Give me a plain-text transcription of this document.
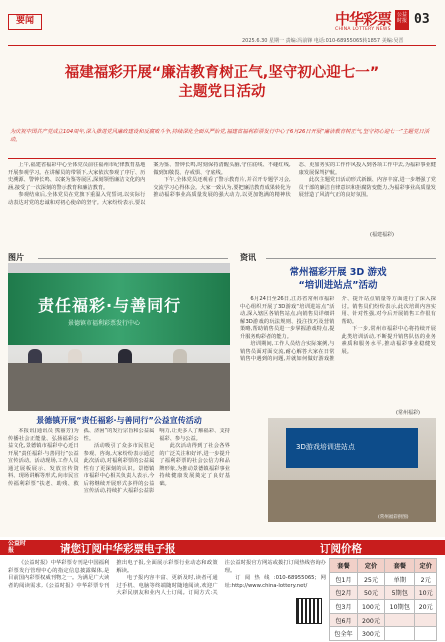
要闻	中华彩票
CHINA LOTTERY NEWS
公益时报 03
2025.6.30 星期一 责编:冯前锋 电话:010-68955065转1857 美编:吴晋
福建福彩开展“廉洁教育树正气,坚守初心迎七一”
主题党日活动
为庆祝中国共产党成立104周年,深入推进党风廉政建设和反腐败斗争,持续深化全面从严治党,福建省福利彩票发行中心于6月26日开展“廉洁教育树正气,坚守初心迎七一”主题党日活动。

上午,福建省福彩中心全体党员前往福州市纪律教育基地开展参观学习。在讲解员的带领下,大家依次参观了序厅、历史溯源、警钟长鸣、以案为鉴等展区,深刻领悟廉洁文化的内涵,接受了一次深刻的警示教育和廉洁教育。

参观结束后,全体党员在党旗下重温入党誓词,以实际行动表达对党的忠诚和对初心使命的坚守。大家纷纷表示,要以案为鉴、警钟长鸣,时刻保持清醒头脑,守住底线、不碰红线,做到知敬畏、存戒惧、守底线。

下午,全体党员还观看了警示教育片,并召开专题学习会,交流学习心得体会。大家一致认为,要把廉洁教育成果转化为推动福彩事业高质量发展的强大动力,以更加饱满的精神状态、更加务实的工作作风投入到各项工作中去,为福彩事业健康发展保驾护航。

此次主题党日活动形式新颖、内容丰富,进一步增强了党员干部的廉洁自律意识和拒腐防变能力,为福彩事业高质量发展营造了风清气正的良好氛围。

(福建福彩)
图片
责任福彩·与善同行
景德镇市福利彩票发行中心
景德镇开展“责任福彩·与善同行”公益宣传活动

本报讯(通讯员 熊丽芳)为传播社会正能量、弘扬福彩公益文化,景德镇市福彩中心近日开展“责任福彩·与善同行”公益宣传活动。活动现场,工作人员通过展板展示、发放宣传资料、现场讲解等形式,向市民宣传福利彩票“扶老、助残、救孤、济困”的发行宗旨和公益属性。

活动吸引了众多市民驻足参观、咨询,大家纷纷表示通过此次活动,对福利彩票的公益属性有了更深刻的认识。景德镇市福彩中心相关负责人表示,今后将继续开展形式多样的公益宣传活动,持续扩大福彩公益影响力,让更多人了解福彩、支持福彩、参与公益。

此次活动得到了社会各界的广泛关注和好评,进一步提升了福利彩票的社会公信力和品牌形象,为推动景德镇福彩事业持续健康发展奠定了良好基础。

资讯
常州福彩开展 3D 游戏
“培训进站点”活动

6月24日至26日,江苏省常州市福彩中心组织开展了3D游戏“培训进站点”活动,深入辖区各销售站点,向销售员详细讲解3D游戏的玩法规则、投注技巧及营销策略,帮助销售员进一步掌握游戏特点,提升服务购彩者的能力。

培训期间,工作人员结合实际案例,与销售员面对面交流,耐心解答大家在日常销售中遇到的问题,并就如何做好游戏推介、提升站点销量等方面进行了深入探讨。销售员们纷纷表示,此次培训内容实用、针对性强,对今后开展销售工作很有帮助。

下一步,常州市福彩中心将持续开展此类培训活动,不断提升销售队伍的业务素质和服务水平,推动福彩事业稳健发展。

(常州福彩)
3D游戏培训进站点
(常州福彩供图)
公益时报	请您订阅中华彩票电子报	订阅价格

《公益时报》中华彩票专刊是中国福利彩票发行管理中心的指定信息披露媒体,是目前国内彩票权威刊物之一。为满足广大读者的阅读需求,《公益时报》中华彩票专刊推出电子报,全面展示彩票行业动态和政策解读。

电子报内容丰富、更新及时,读者可通过手机、电脑等终端随时随地阅读,欢迎广大彩民朋友和业内人士订阅。订阅方式:关注公益时报官方网站或拨打订阅热线咨询办理。

订阅热线:010-68955065;网址:http://www.china-lottery.net/

套餐	定价	套餐	定价
包1月	25元	单期	2元
包2月	50元	5期包	10元
包3月	100元	10期包	20元
包6月	200元		
包全年	300元		
